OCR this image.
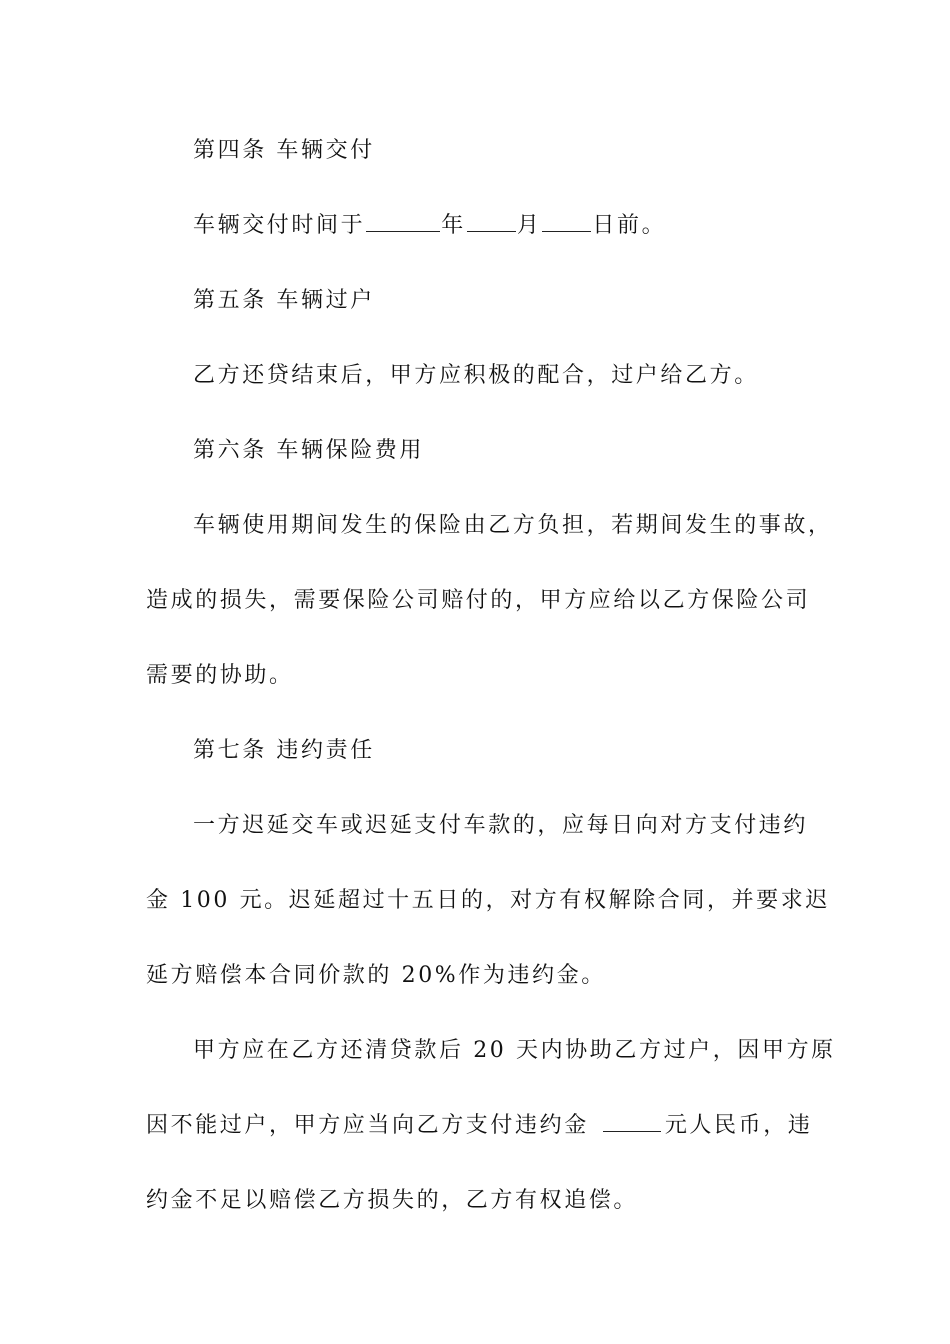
第四条 车辆交付
车辆交付时间于	年 月 日前。
第五条 车辆过户
乙方还贷结束后，甲方应积极的配合，过户给乙方。
第六条 车辆保险费用
车辆使用期间发生的保险由乙方负担，若期间发生的事故，
造成的损失，需要保险公司赔付的，甲方应给以乙方保险公司
需要的协助。
第七条 违约责任
一方迟延交车或迟延支付车款的，应每日向对方支付违约
金 100 元。迟延超过十五日的，对方有权解除合同，并要求迟
延方赔偿本合同价款的 20%作为违约金。
甲方应在乙方还清贷款后 20 天内协助乙方过户，因甲方原
因不能过户，甲方应当向乙方支付违约金	元人民币，违
约金不足以赔偿乙方损失的，乙方有权追偿。
